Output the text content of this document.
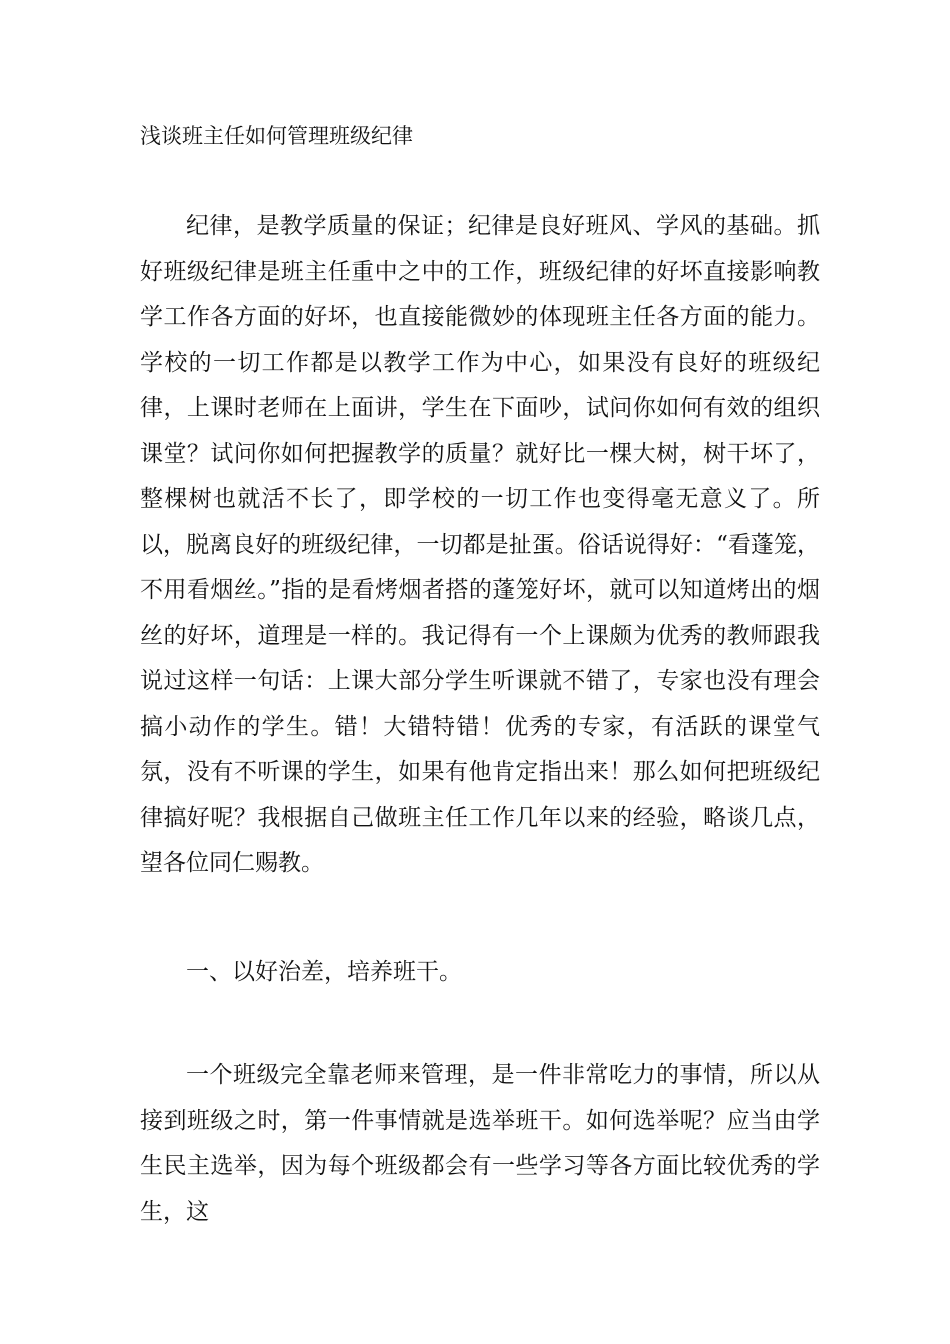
浅谈班主任如何管理班级纪律

纪律，是教学质量的保证；纪律是良好班风、学风的基础。抓好班级纪律是班主任重中之中的工作，班级纪律的好坏直接影响教学工作各方面的好坏，也直接能微妙的体现班主任各方面的能力。学校的一切工作都是以教学工作为中心，如果没有良好的班级纪律，上课时老师在上面讲，学生在下面吵，试问你如何有效的组织课堂？试问你如何把握教学的质量？就好比一棵大树，树干坏了，整棵树也就活不长了，即学校的一切工作也变得毫无意义了。所以，脱离良好的班级纪律，一切都是扯蛋。俗话说得好：“看蓬笼，不用看烟丝。”指的是看烤烟者搭的蓬笼好坏，就可以知道烤出的烟丝的好坏，道理是一样的。我记得有一个上课颇为优秀的教师跟我说过这样一句话：上课大部分学生听课就不错了，专家也没有理会搞小动作的学生。错！大错特错！优秀的专家，有活跃的课堂气氛，没有不听课的学生，如果有他肯定指出来！那么如何把班级纪律搞好呢？我根据自己做班主任工作几年以来的经验，略谈几点，望各位同仁赐教。

一、以好治差，培养班干。

一个班级完全靠老师来管理，是一件非常吃力的事情，所以从接到班级之时，第一件事情就是选举班干。如何选举呢？应当由学生民主选举，因为每个班级都会有一些学习等各方面比较优秀的学生，这
